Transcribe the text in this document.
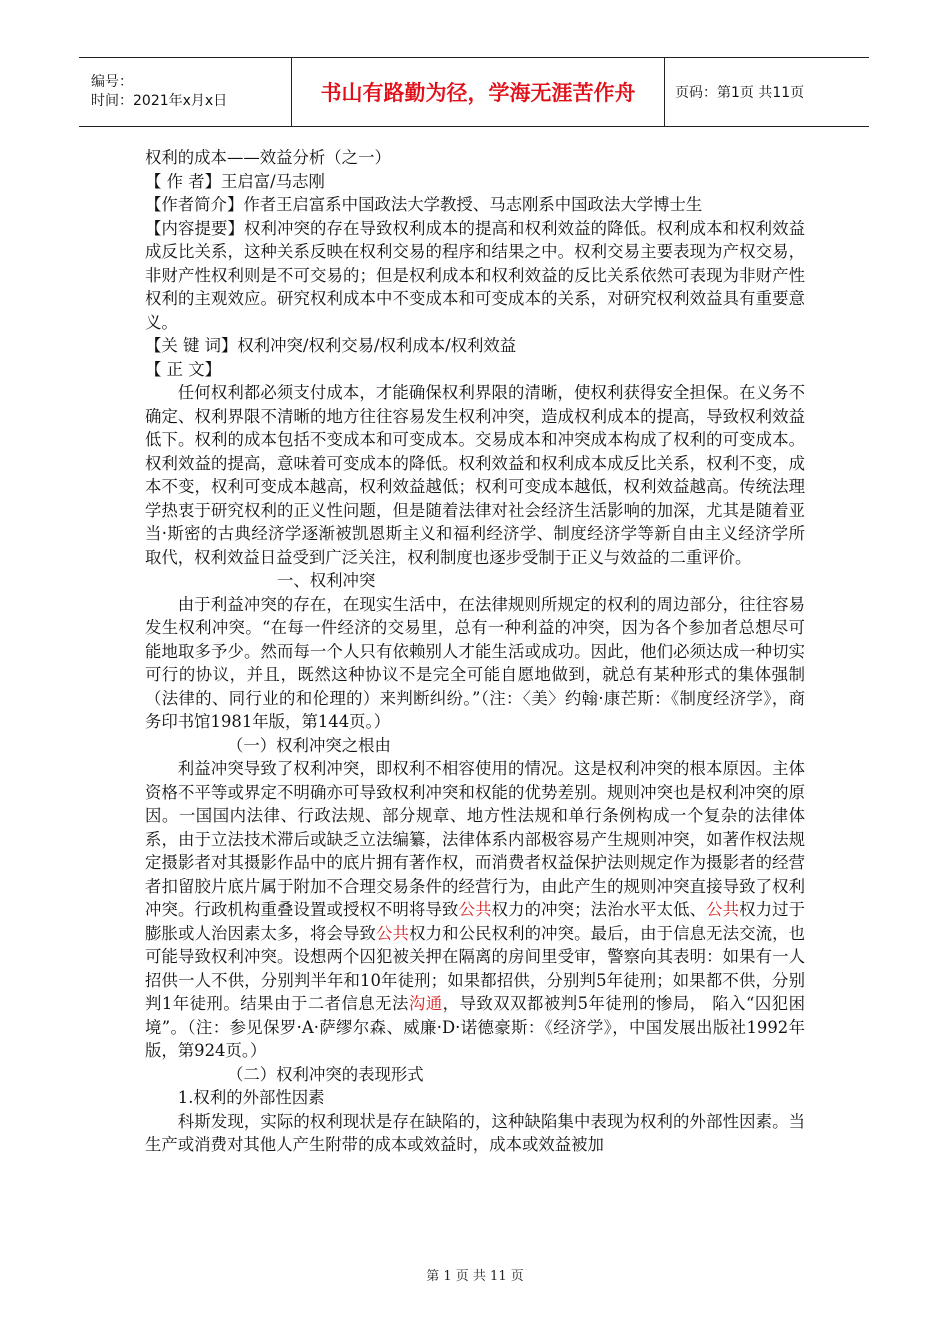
编号：
时间：2021年x月x日	书山有路勤为径，学海无涯苦作舟	页码：第1页 共11页

权利的成本——效益分析（之一）

【 作 者】王启富/马志刚

【作者简介】作者王启富系中国政法大学教授、马志刚系中国政法大学博士生

【内容提要】权利冲突的存在导致权利成本的提高和权利效益的降低。权利成本和权利效益成反比关系，这种关系反映在权利交易的程序和结果之中。权利交易主要表现为产权交易，非财产性权利则是不可交易的；但是权利成本和权利效益的反比关系依然可表现为非财产性权利的主观效应。研究权利成本中不变成本和可变成本的关系，对研究权利效益具有重要意义。

【关 键 词】权利冲突/权利交易/权利成本/权利效益

【 正 文】

任何权利都必须支付成本，才能确保权利界限的清晰，使权利获得安全担保。在义务不确定、权利界限不清晰的地方往往容易发生权利冲突，造成权利成本的提高，导致权利效益低下。权利的成本包括不变成本和可变成本。交易成本和冲突成本构成了权利的可变成本。权利效益的提高，意味着可变成本的降低。权利效益和权利成本成反比关系，权利不变，成本不变，权利可变成本越高，权利效益越低；权利可变成本越低，权利效益越高。传统法理学热衷于研究权利的正义性问题，但是随着法律对社会经济生活影响的加深，尤其是随着亚当·斯密的古典经济学逐渐被凯恩斯主义和福利经济学、制度经济学等新自由主义经济学所取代，权利效益日益受到广泛关注，权利制度也逐步受制于正义与效益的二重评价。

一、权利冲突

由于利益冲突的存在，在现实生活中，在法律规则所规定的权利的周边部分，往往容易发生权利冲突。“在每一件经济的交易里，总有一种利益的冲突，因为各个参加者总想尽可能地取多予少。然而每一个人只有依赖别人才能生活或成功。因此，他们必须达成一种切实可行的协议，并且，既然这种协议不是完全可能自愿地做到，就总有某种形式的集体强制（法律的、同行业的和伦理的）来判断纠纷。”（注：〈美〉约翰·康芒斯：《制度经济学》，商务印书馆1981年版，第144页。）

（一）权利冲突之根由

利益冲突导致了权利冲突，即权利不相容使用的情况。这是权利冲突的根本原因。主体资格不平等或界定不明确亦可导致权利冲突和权能的优势差别。规则冲突也是权利冲突的原因。一国国内法律、行政法规、部分规章、地方性法规和单行条例构成一个复杂的法律体系，由于立法技术滞后或缺乏立法编纂，法律体系内部极容易产生规则冲突，如著作权法规定摄影者对其摄影作品中的底片拥有著作权，而消费者权益保护法则规定作为摄影者的经营者扣留胶片底片属于附加不合理交易条件的经营行为，由此产生的规则冲突直接导致了权利冲突。行政机构重叠设置或授权不明将导致公共权力的冲突；法治水平太低、公共权力过于膨胀或人治因素太多，将会导致公共权力和公民权利的冲突。最后，由于信息无法交流，也可能导致权利冲突。设想两个囚犯被关押在隔离的房间里受审，警察向其表明：如果有一人招供一人不供，分别判半年和10年徒刑；如果都招供，分别判5年徒刑；如果都不供，分别判1年徒刑。结果由于二者信息无法沟通，导致双双都被判5年徒刑的惨局， 陷入“囚犯困境”。（注：参见保罗·A·萨缪尔森、威廉·D·诺德豪斯：《经济学》，中国发展出版社1992年版，第924页。）

（二）权利冲突的表现形式

1.权利的外部性因素

科斯发现，实际的权利现状是存在缺陷的，这种缺陷集中表现为权利的外部性因素。当生产或消费对其他人产生附带的成本或效益时，成本或效益被加

第 1 页 共 11 页
